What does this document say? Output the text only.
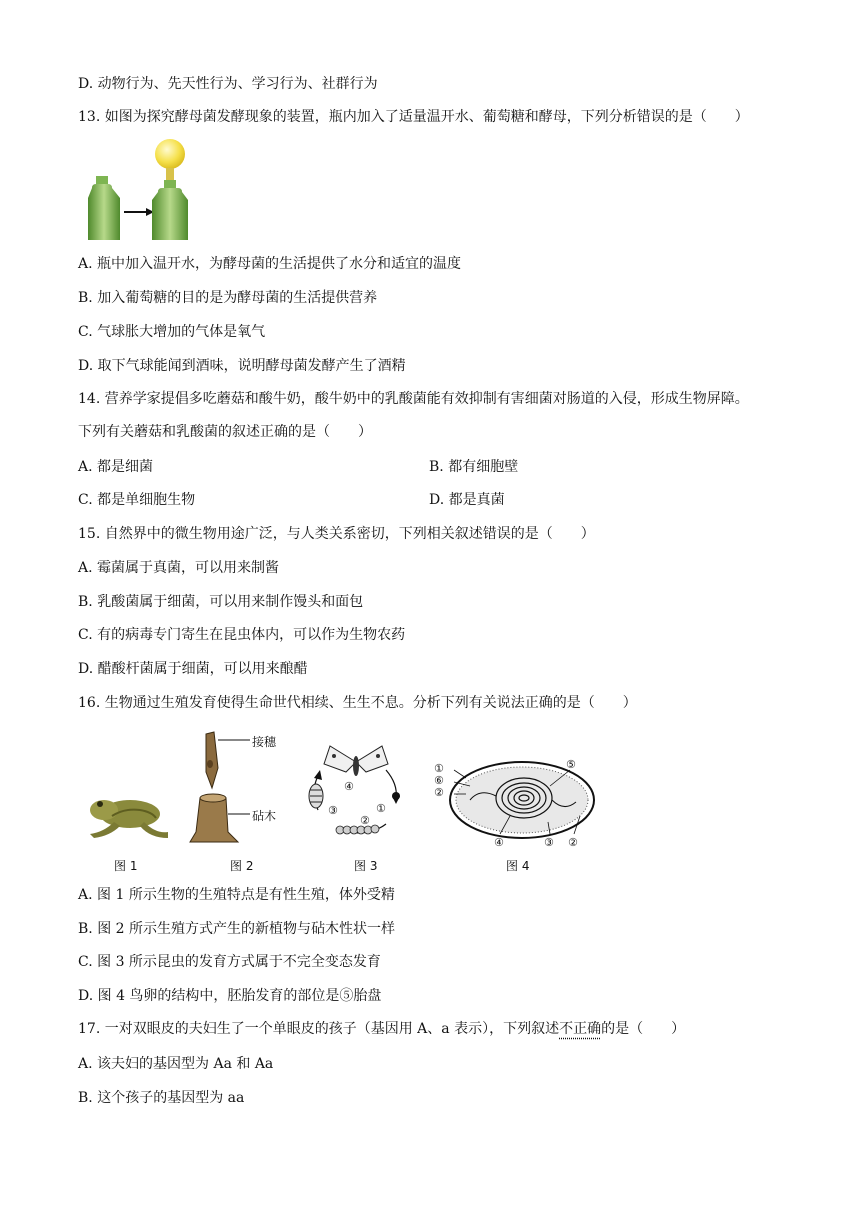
D. 动物行为、先天性行为、学习行为、社群行为
13. 如图为探究酵母菌发酵现象的装置，瓶内加入了适量温开水、葡萄糖和酵母，下列分析错误的是（　　）
A. 瓶中加入温开水，为酵母菌的生活提供了水分和适宜的温度
B. 加入葡萄糖的目的是为酵母菌的生活提供营养
C. 气球胀大增加的气体是氧气
D. 取下气球能闻到酒味，说明酵母菌发酵产生了酒精
14. 营养学家提倡多吃蘑菇和酸牛奶，酸牛奶中的乳酸菌能有效抑制有害细菌对肠道的入侵，形成生物屏障。
下列有关蘑菇和乳酸菌的叙述正确的是（　　）
A. 都是细菌	B. 都有细胞壁
C. 都是单细胞生物	D. 都是真菌
15. 自然界中的微生物用途广泛，与人类关系密切，下列相关叙述错误的是（　　）
A. 霉菌属于真菌，可以用来制酱
B. 乳酸菌属于细菌，可以用来制作馒头和面包
C. 有的病毒专门寄生在昆虫体内，可以作为生物农药
D. 醋酸杆菌属于细菌，可以用来酿醋
16. 生物通过生殖发育使得生命世代相续、生生不息。分析下列有关说法正确的是（　　）
图 1
接穗
砧木
图 2
④
③	①
②
图 3
①
⑥
②
⑤
④	③ ②
图 4
A. 图 1 所示生物的生殖特点是有性生殖，体外受精
B. 图 2 所示生殖方式产生的新植物与砧木性状一样
C. 图 3 所示昆虫的发育方式属于不完全变态发育
D. 图 4 鸟卵的结构中，胚胎发育的部位是⑤胎盘
17. 一对双眼皮的夫妇生了一个单眼皮的孩子（基因用 A、a 表示），下列叙述不正确的是（　　）
A. 该夫妇的基因型为 Aa 和 Aa
B. 这个孩子的基因型为 aa
